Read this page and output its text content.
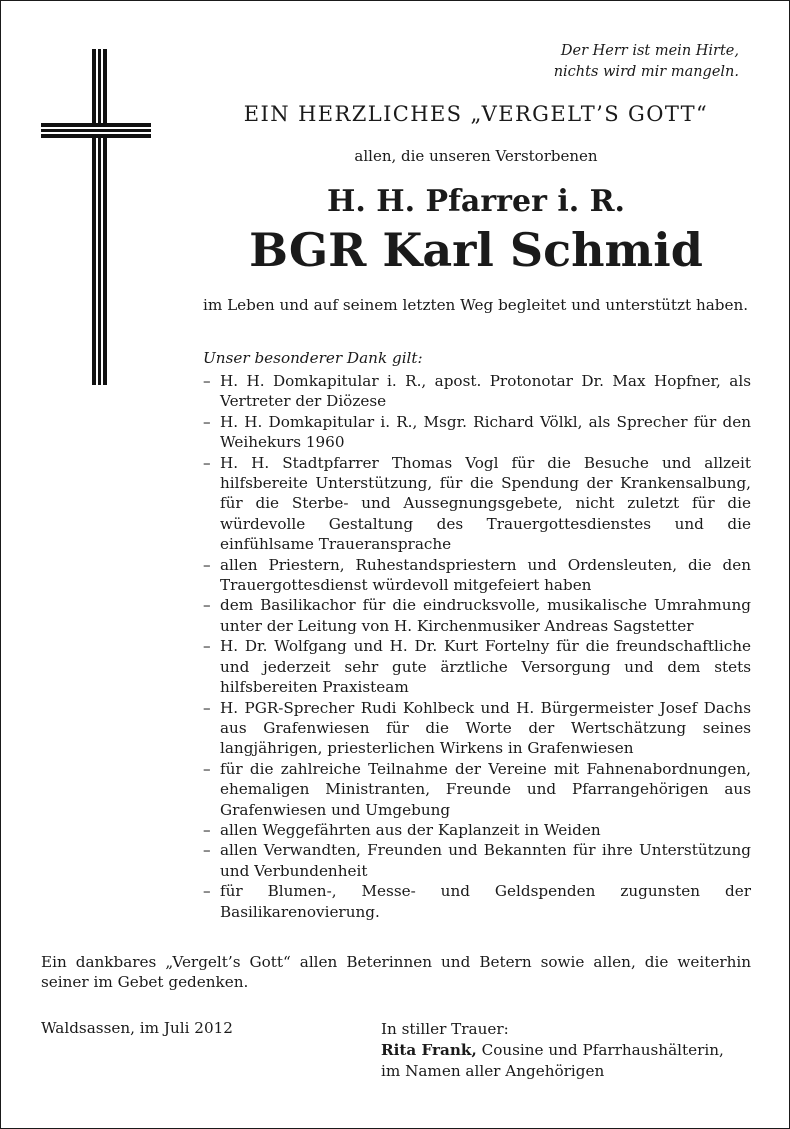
Der Herr ist mein Hirte,
nichts wird mir mangeln.
EIN HERZLICHES „VERGELT’S GOTT“
allen, die unseren Verstorbenen
H. H. Pfarrer i. R.
BGR Karl Schmid
im Leben und auf seinem letzten Weg begleitet und unterstützt haben.
Unser besonderer Dank gilt:
– H. H. Domkapitular i. R., apost. Protonotar Dr. Max Hopfner, als Vertreter der Diözese
– H. H. Domkapitular i. R., Msgr. Richard Völkl, als Sprecher für den Weihekurs 1960
– H. H. Stadtpfarrer Thomas Vogl für die Besuche und allzeit hilfsbereite Unterstützung, für die Spendung der Krankensalbung, für die Sterbe- und Aussegnungsgebete, nicht zuletzt für die würdevolle Gestaltung des Trauergottesdienstes und die einfühlsame Traueransprache
– allen Priestern, Ruhestandspriestern und Ordensleuten, die den Trauergottesdienst würdevoll mitgefeiert haben
– dem Basilikachor für die eindrucksvolle, musikalische Umrahmung unter der Leitung von H. Kirchenmusiker Andreas Sagstetter
– H. Dr. Wolfgang und H. Dr. Kurt Fortelny für die freundschaftliche und jederzeit sehr gute ärztliche Versorgung und dem stets hilfsbereiten Praxisteam
– H. PGR-Sprecher Rudi Kohlbeck und H. Bürgermeister Josef Dachs aus Grafenwiesen für die Worte der Wertschätzung seines langjährigen, priesterlichen Wirkens in Grafenwiesen
– für die zahlreiche Teilnahme der Vereine mit Fahnenabordnungen, ehemaligen Ministranten, Freunde und Pfarrangehörigen aus Grafenwiesen und Umgebung
– allen Weggefährten aus der Kaplanzeit in Weiden
– allen Verwandten, Freunden und Bekannten für ihre Unterstützung und Verbundenheit
– für Blumen-, Messe- und Geldspenden zugunsten der Basilikarenovierung.
Ein dankbares „Vergelt’s Gott“ allen Beterinnen und Betern sowie allen, die weiterhin seiner im Gebet gedenken.
Waldsassen, im Juli 2012	In stiller Trauer:
Rita Frank, Cousine und Pfarrhaushälterin,
im Namen aller Angehörigen
